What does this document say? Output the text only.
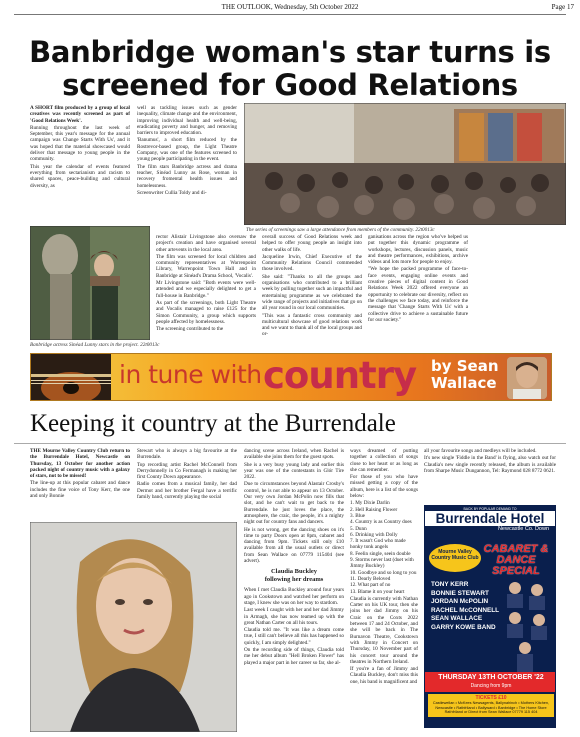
THE OUTLOOK, Wednesday, 5th October 2022	Page 17
Banbridge woman's star turns is screened for Good Relations

A SHORT film produced by a group of local creatives was recently screened as part of 'Good Relations Week'.

Running throughout the last week of September, this year's message for the annual campaign was Change Starts With Us', and it was hoped that the material showcased would deliver that message to young people in the community.

This year the calendar of events featured everything from sectarianism and racism to shared spaces, peace-building and cultural diversity, as

well as tackling issues such as gender inequality, climate change and the environment, improving individual health and well-being, eradicating poverty and hunger, and removing barriers to improved education.

'Banumus', a short film reduced by the Rostrevor-based group, the Light Theatre Company, was one of the features screened to young people participating in the event.

The film stars Banbridge actress and drama teacher, Sinéad Lunny as Rose, woman in recovery fromental health issues and homelessness.

Screenwriter Cullia Toldy and di-

The series of screenings saw a large attendance from members of the community. 22t0013c
Banbridge actress Sinéad Lunny stars in the project. 22t0013c

rector Alistair Livingstone also oversaw the project's creation and have organised several other artevents in the local area.

The film was screened for local children and community representatives at Warrenpoint Library, Warrenpoint Town Hall and in Banbridge at Sinéad's Drama School, 'Vocalis'.

Mr Livingstone said: "Both events were well-attended and we especially delighted to get a full-house in Banbridge."

As part of the screenings, both Light Theatre and Vocalis managed to raise £125 for the Simon Community, a group which supports people affected by homelessness.

The screening contributed to the

overall success of Good Relations week and helped to offer young people an insight into other walks of life.

Jacqueline Irwin, Chief Executive of the Community Relations Council commended those involved.

She said: "Thanks to all the groups and organisations who contributed to a brilliant week by pulling together such an impactful and entertaining programme as we celebrated the wide range of projects and initiatives that go on all year round in our local communities.

"This was a fantastic cross community and multicultural showcase of good relations work and we want to thank all of the local groups and or-

ganisations across the region who've helped us put together this dynamic programme of workshops, lectures, discussion panels, music and theatre performances, exhibitions, archive videos and lots more for people to enjoy.

"We hope the packed programme of face-to-face events, engaging online events and creative pieces of digital content in Good Relations Week 2022 offered everyone an opportunity to celebrate our diversity, reflect on the challenges we face today, and reinforce the message that 'Change Starts With Us' with a collective drive to achieve a sustainable future for our society."

in tune with country by Sean
Wallace
Keeping it country at the Burrendale

THE Mourne Valley Country Club return to the Burrendale Hotel, Newcastle on Thursday, 13 October for another action packed night of country music with a galaxy of stars, not to be missed!

The line-up at this popular cabaret and dance includes the fine voice of Tony Kerr, the one and only Bonnie

Stewart who is always a big favourite at the Burrendale.

Top recording artist Rachel McConnell from Derrydonnelly in Co Fermanagh is making her first County Down appearance.

Radio comes from a musical family, her dad Dermot and her brother Fergal have a terrific family band, currently playing the social

dancing scene across Ireland, when Rachel is available she joins them for the guest spots.

She is a very busy young lady and earlier this year was one of the contestants in Glór Tíre 2022.

Due to circumstances beyond Alastair Crosby's control, he is not able to appear on 13 October. Our very own Jordan McPolin now fills that slot, and he can't wait to get back to the Burrendale. he just loves the place, the atmosphere, the craic, the people, it's a mighty night out for country fans and dancers.

He is not wrong, get the dancing shoes on it's time to party Doors open at 8pm, cabaret and dancing from 9pm. Tickets still only £10 available from all the usual outlets or direct from Sean Wallace on 07779 115404 (see advert).

Claudia Buckley
following her dreams

When I met Claudia Buckley around four years ago in Cookstown and watched her perform on stage, I knew she was on her way to stardom.

Last week I caught with her and her dad Jimmy in Armagh, she has now teamed up with the great Nathan Carter on all his tours.

Claudia told me. "It was like a dream come true, I still can't believe all this has happened so quickly, I am simply delighted."

On the recording side of things, Claudia told me her debut album "Hell Broken Flower" has played a major part in her career so far, she al-

ways dreamed of putting together a collection of songs close to her heart or as long as she can remember.

For those of you who have missed getting a copy of the album, here is a list of the songs below:

1. My Dixie Darlin
2. Hell Raising Flower
3. Blue
4. Country is as Country does
5. Dunn
6. Drinking with Dolly
7. It wasn't God who made honky tonk angels
8. Feelin single, seein double
9. Storms never last (duet with Jimmy Buckley)
10. Goodbye and so long to you
11. Dearly Beloved
12. What part of no
13. Blame it on your heart

Claudia is currently with Nathan Carter on his UK tour, then she joins her dad Jimmy on his Craic on the Coxts 2022 between 17 and 24 October, and she will be back in The Burnavon Theatre, Cookstown with Jimmy in Concert on Thursday, 10 November part of his concert tour around the theatres in Northern Ireland.

If you're a fan of Jimmy and Claudia Buckley, don't miss this one, his band is magnificent and

all your favourite songs and medleys will be included.

It's new single 'Fiddle in the Band' is flying, also watch out for Claudia's new single recently released, the album is available from Sharpe Music Dungannon, Tel: Raymond 028 8772 0621.

BACK BY POPULAR DEMAND TO
Burrendale Hotel
Newcastle Co. Down
Mourne Valley Country Music Club
CABARET & DANCE SPECIAL
TONY KERR
BONNIE STEWART
JORDAN McPOLIN
RACHEL McCONNELL
SEAN WALLACE
GARRY KOWE BAND
THURSDAY 13TH OCTOBER '22
Dancing from 9pm
TICKETS £10
Castlewellan • McKees Newsagents, Ballynahinch • Mothers Kitchen, Newcastle • Rathfriland • Ballyward • Banbridge • The Home Store Rathfriland or Direct from Sean Wallace 07779 115 404
